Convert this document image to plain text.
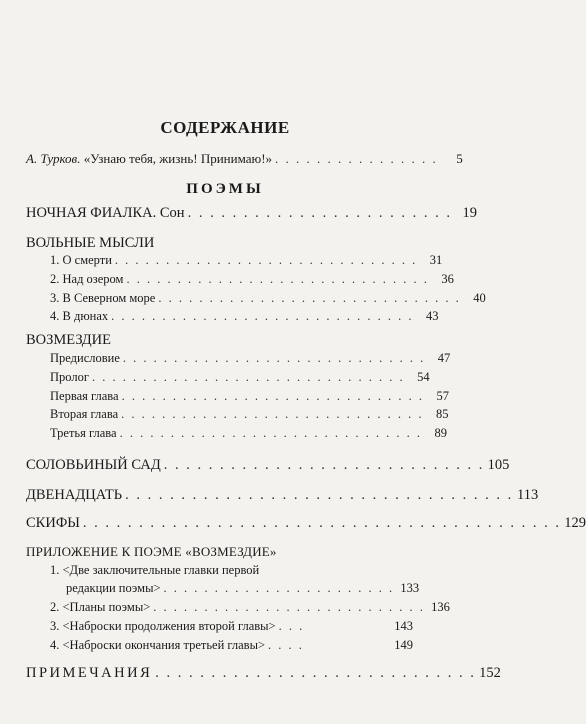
СОДЕРЖАНИЕ
А. Турков. «Узнаю тебя, жизнь! Принимаю!» . . . . . . . . . . . . . . . .	5
ПОЭМЫ
НОЧНАЯ ФИАЛКА. Сон . . . . . . . . . . . . . . . . . . . . . . . . 19
ВОЛЬНЫЕ МЫСЛИ
1. О смерти . . . . . . . . . . . . . . . . . . . . . . . . . . . . . .	31
2. Над озером . . . . . . . . . . . . . . . . . . . . . . . . . . . . . .	36
3. В Северном море . . . . . . . . . . . . . . . . . . . . . . . . . . . . . .	40
4. В дюнах . . . . . . . . . . . . . . . . . . . . . . . . . . . . . .	43
ВОЗМЕЗДИЕ
Предисловие . . . . . . . . . . . . . . . . . . . . . . . . . . . . . .	47
Пролог . . . . . . . . . . . . . . . . . . . . . . . . . . . . . . .	54
Первая глава . . . . . . . . . . . . . . . . . . . . . . . . . . . . . .	57
Вторая глава . . . . . . . . . . . . . . . . . . . . . . . . . . . . . .	85
Третья глава . . . . . . . . . . . . . . . . . . . . . . . . . . . . . .	89
СОЛОВЬИНЫЙ САД . . . . . . . . . . . . . . . . . . . . . . . . . . . . . 105
ДВЕНАДЦАТЬ . . . . . . . . . . . . . . . . . . . . . . . . . . . . . . . . . . . 113
СКИФЫ . . . . . . . . . . . . . . . . . . . . . . . . . . . . . . . . . . . . . . . . . . . 129
ПРИЛОЖЕНИЕ К ПОЭМЕ «ВОЗМЕЗДИЕ»
1. <Две заключительные главки первой
редакции поэмы> . . . . . . . . . . . . . . . . . . . . . . . 133
2. <Планы поэмы> . . . . . . . . . . . . . . . . . . . . . . . . . . . 136
3. <Наброски продолжения второй главы> . . .	143
4. <Наброски окончания третьей главы> . . . .	149
ПРИМЕЧАНИЯ . . . . . . . . . . . . . . . . . . . . . . . . . . . . . 152
